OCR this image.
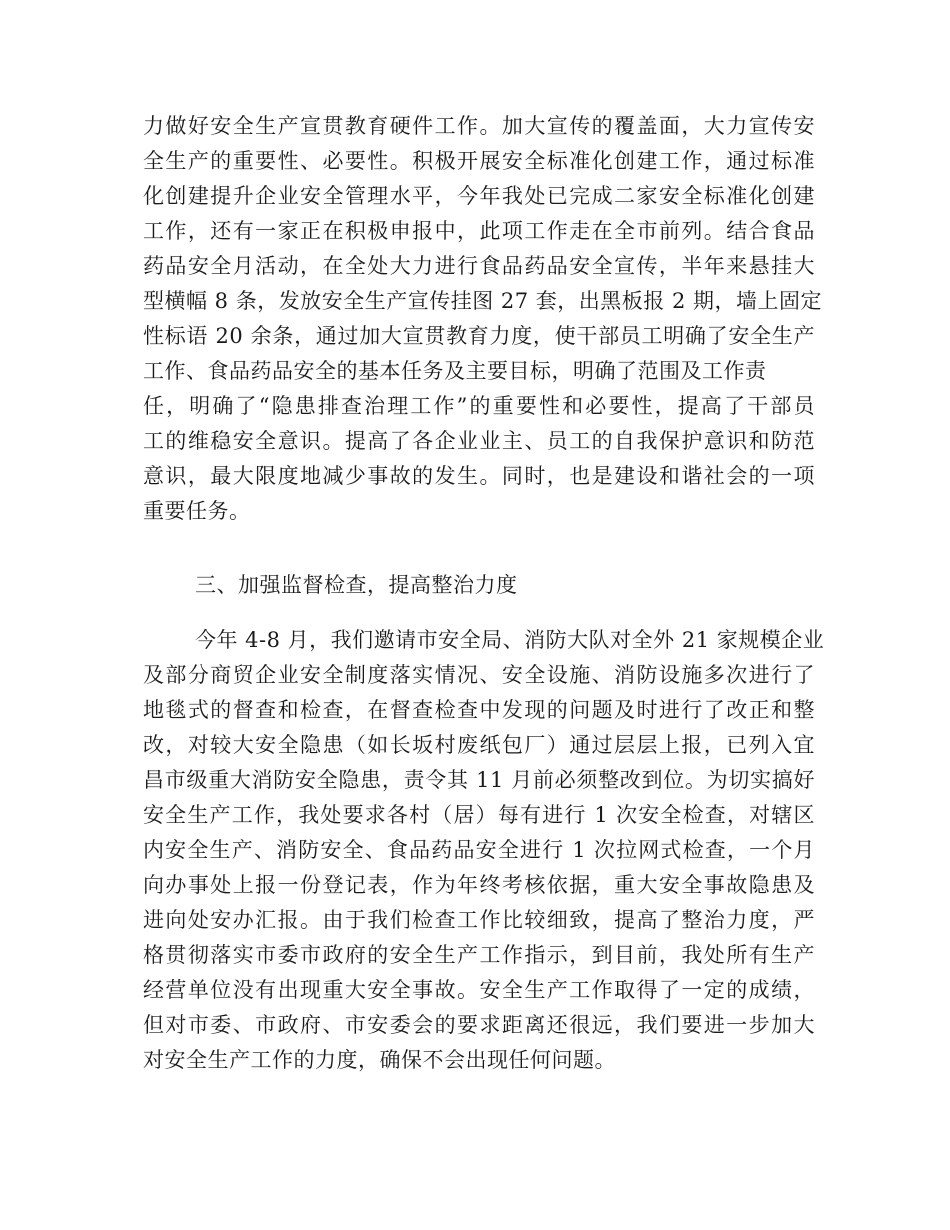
力做好安全生产宣贯教育硬件工作。加大宣传的覆盖面，大力宣传安
全生产的重要性、必要性。积极开展安全标准化创建工作，通过标准
化创建提升企业安全管理水平，今年我处已完成二家安全标准化创建
工作，还有一家正在积极申报中，此项工作走在全市前列。结合食品
药品安全月活动，在全处大力进行食品药品安全宣传，半年来悬挂大
型横幅 8 条，发放安全生产宣传挂图 27 套，出黑板报 2 期，墙上固定
性标语 20 余条，通过加大宣贯教育力度，使干部员工明确了安全生产
工作、食品药品安全的基本任务及主要目标，明确了范围及工作责
任，明确了“隐患排查治理工作”的重要性和必要性，提高了干部员
工的维稳安全意识。提高了各企业业主、员工的自我保护意识和防范
意识，最大限度地减少事故的发生。同时，也是建设和谐社会的一项
重要任务。
三、加强监督检查，提高整治力度
今年 4-8 月，我们邀请市安全局、消防大队对全外 21 家规模企业
及部分商贸企业安全制度落实情况、安全设施、消防设施多次进行了
地毯式的督查和检查，在督查检查中发现的问题及时进行了改正和整
改，对较大安全隐患（如长坂村废纸包厂）通过层层上报，已列入宜
昌市级重大消防安全隐患，责令其 11 月前必须整改到位。为切实搞好
安全生产工作，我处要求各村（居）每有进行 1 次安全检查，对辖区
内安全生产、消防安全、食品药品安全进行 1 次拉网式检查，一个月
向办事处上报一份登记表，作为年终考核依据，重大安全事故隐患及
进向处安办汇报。由于我们检查工作比较细致，提高了整治力度，严
格贯彻落实市委市政府的安全生产工作指示，到目前，我处所有生产
经营单位没有出现重大安全事故。安全生产工作取得了一定的成绩，
但对市委、市政府、市安委会的要求距离还很远，我们要进一步加大
对安全生产工作的力度，确保不会出现任何问题。
